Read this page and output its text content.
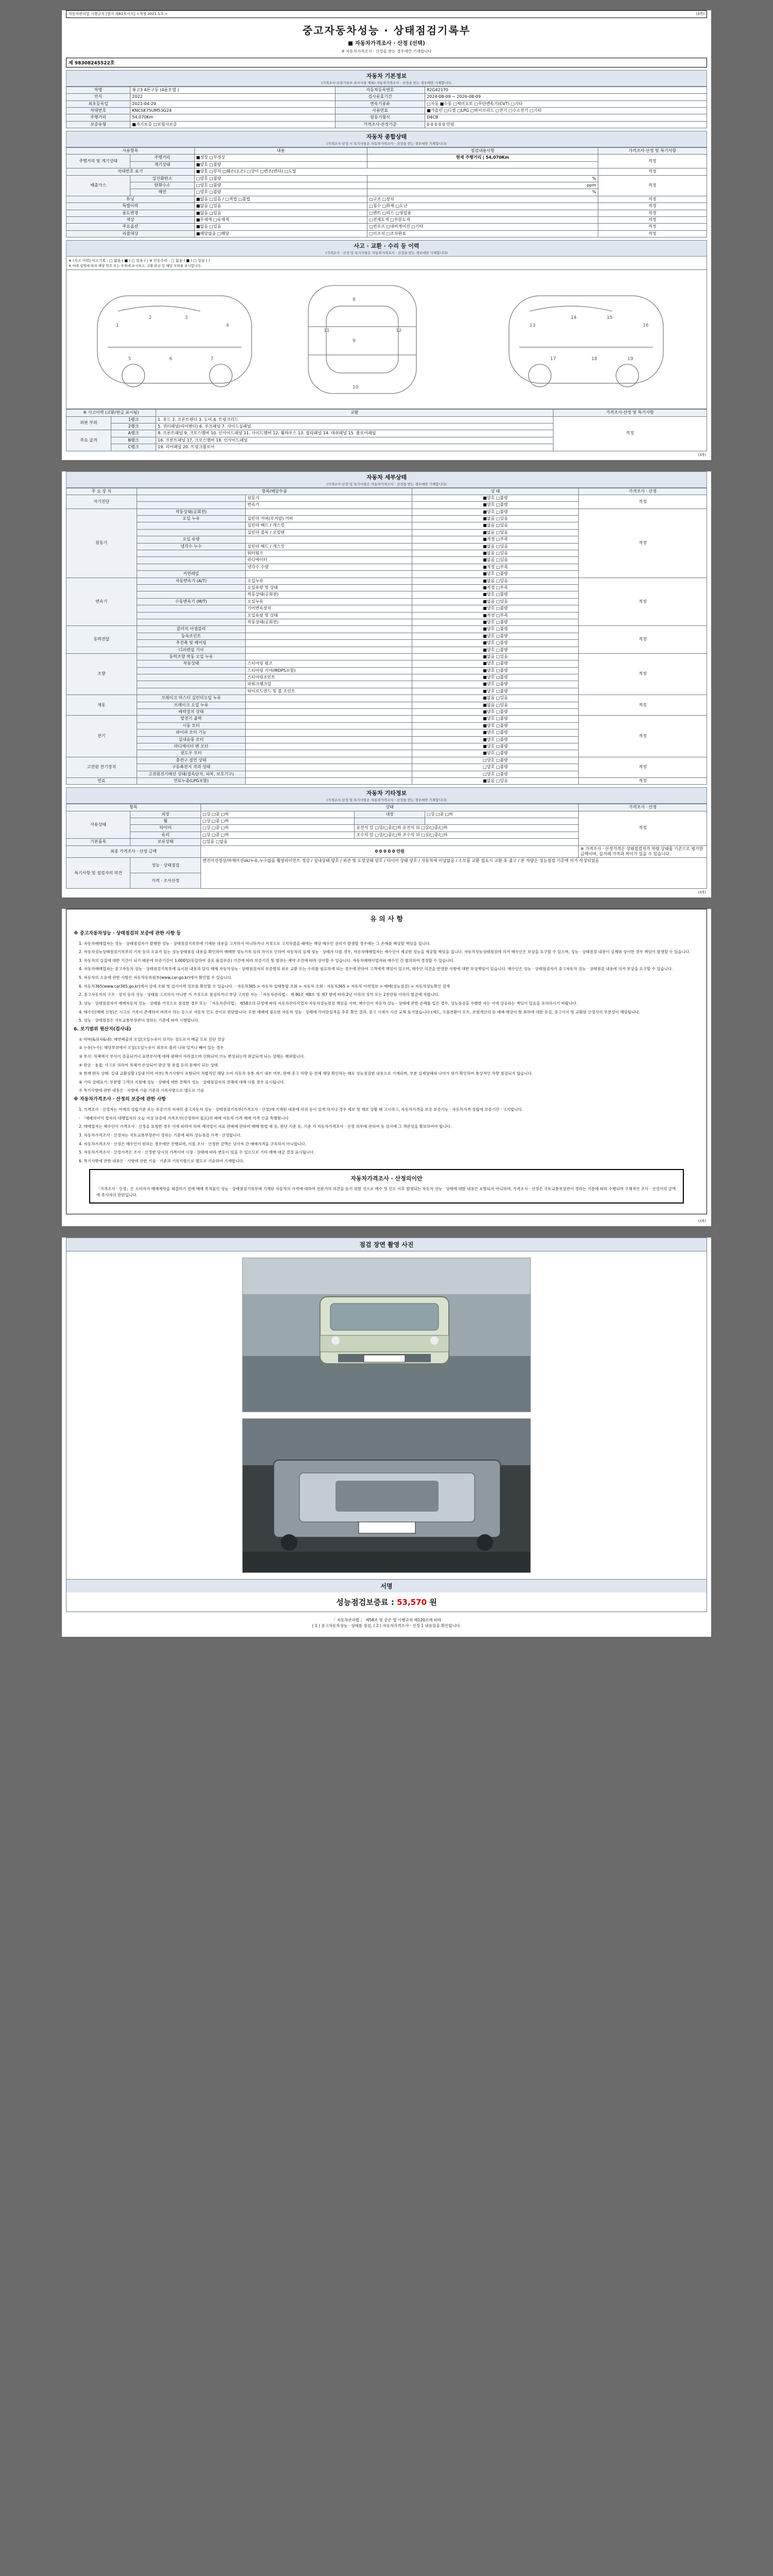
자동차관리법 시행규칙 [별지 제82호서식] <개정 2021.1.5.>	(3쪽)
중고자동차성능 · 상태점검기록부
■ 자동차가격조사 · 산정 (선택)
※ 자동차가격조사 · 산정을 받는 경우에만 기재합니다
제 98308245522호
자동차 기본정보
(가격조사·산정기록부 표시사항 제외) 자동차가격조사 · 산정을 받는 경우에만 기재합니다.
차명	봉고3 4톤구동 (4륜모델 )	자동차등록번호	82G42170
연식	2022	검사유효기간	2024-08-09 ~ 2026-08-09
최초등록일	2021-04-29	변속기종류	□자동 ■수동 □세미오토 □무단변속기(CVT) □기타
차대번호	KNCSK75UM53G24	사용연료	■가솔린 □디젤 □LPG □하이브리드 □전기 □수소전기 □기타
주행거리	54,070Km	원동기형식	D4CB
보증유형	■자기보증 □보험사보증	가격조사·산정기준	0 0 0 0 0 만원
자동차 종합상태
(가격조사·산정 시 특기사항은 자동차가격조사 · 산정을 받는 경우에만 기재합니다)
사용항목		내용	점검내용사항	가격조사·산정 및 특기사항
주행거리 및 계기상태	주행거리	■정상 □부정상	현재 주행거리 | 54,070Km	적정
	계기상태	■양호 □불량		
차대번호 표기		■양호 □부식 □훼손(오손) □상이 □변조(변타) □도말		적정
배출가스	일산화탄소	□양호 □불량	%	적정
	탄화수소	□양호 □불량	ppm	
	매연	□양호 □불량	%	
튜닝		■없음 □있음 / □적법 □불법	□구조 □장치	적정
특별이력		■없음 □있음	□침수 □화재 □도난	적정
용도변경		■없음 □있음	□렌트 □리스 □영업용	적정
색상		■무채색 □유채색	□전체도색 □부분도색	적정
주요옵션		■없음 □있음	□썬루프 □내비게이션 □기타	적정
리콜대상		■해당없음 □해당	□미조치 □조치완료	적정
사고 · 교환 · 수리 등 이력
(가격조사 · 산정 및 특기사항은 자동차가격조사 · 산정을 받는 경우에만 기재합니다)
※ (사고 이력) 사고기록 : □ 없음 ( ■ ) □ 있음 ( ) ※ 단순수리 : □ 없음 ( ■ ) □ 있음 ( )
※ 아래 설명에 따라 해당 번호 또는 부위에 표시하고, 교환·판금 등 해당 부위를 표시합니다.
1
2	3
4
5	6	7
8
9
10
11	12
13
14	15
16
17	18	19
※ 사고이력 (교환/판금 표시됨)		교환	가격조사·산정 및 특기사항
외판 부위	1랭크	1. 후드 2. 프론트팬더 3. 도어 4. 트렁크리드	적정
	2랭크	5. 쿼터패널(리어팬더) 6. 루프패널 7. 사이드실패널	
주요 골격	A랭크	8. 프론트패널 9. 크로스맴버 10. 인사이드패널 11. 사이드맴버 12. 휠하우스 13. 필라패널 14. 대쉬패널 15. 플로어패널	
	B랭크	16. 프론트패널 17. 크로스맴버 18. 인사이드패널	
	C랭크	19. 리어패널 20. 트렁크플로어	
(3쪽)
자동차 세부상태
(가격조사·산정 및 특기사항은 자동차가격조사 · 산정을 받는 경우에만 기재합니다)
주 요 장 치	항목/해당부품		상 태	가격조사 · 산정
자기진단		원동기	■양호 □불량	적정
		변속기	■양호 □불량	
원동기	작동상태(공회전)		■양호 □불량	적정
	오일 누유	실린더 커버(로커암) 커버	■없음 □있음	
		실린더 헤드 / 개스킷	■없음 □있음	
		실린더 블록 / 오일팬	■없음 □있음	
	오일 유량		■적정 □부족	
	냉각수 누수	실린더 헤드 / 개스킷	■없음 □있음	
		워터펌프	■없음 □있음	
		라디에이터	■없음 □있음	
		냉각수 수량	■적정 □부족	
	커먼레일		■양호 □불량	
변속기	자동변속기 (A/T)	오일누유	■없음 □있음	적정
		오일유량 및 상태	■적정 □부족	
		작동상태(공회전)	■양호 □불량	
	수동변속기 (M/T)	오일누유	■없음 □있음	
		기어변속장치	■양호 □불량	
		오일유량 및 상태	■적정 □부족	
		작동상태(공회전)	■양호 □불량	
동력전달	클러치 어셈블리		■양호 □불량	적정
	등속조인트		■양호 □불량	
	추진축 및 베어링		■양호 □불량	
	디퍼렌셜 기어		■양호 □불량	
조향	동력조향 작동 오일 누유		■없음 □있음	적정
	작동상태	스티어링 펌프	■양호 □불량	
		스티어링 기어(MDPS포함)	■양호 □불량	
		스티어링조인트	■양호 □불량	
		파워크랭크압	■양호 □불량	
		타이로드엔드 및 볼 조인트	■양호 □불량	
제동	브레이크 마스터 실린더오일 누유		■없음 □있음	적정
	브레이크 오일 누유		■없음 □있음	
	배력장치 상태		■양호 □불량	
전기	발전기 출력		■양호 □불량	적정
	시동 모터		■양호 □불량	
	와이퍼 모터 기능		■양호 □불량	
	실내송풍 모터		■양호 □불량	
	라디에이터 팬 모터		■양호 □불량	
	윈도우 모터		■양호 □불량	
고전원 전기장치	충전구 절연 상태		□양호 □불량	적정
	구동축전지 격리 상태		□양호 □불량	
	고전원전기배선 상태(접속단자, 피복, 보호기구)		□양호 □불량	
연료	연료누출(LPG포함)		■없음 □있음	적정
자동차 기타정보
(가격조사·산정 및 특기사항은 자동차가격조사 · 산정을 받는 경우에만 기재합니다)
항목		상태			가격조사 · 산정
사용상태	외장	□상 □중 □하	내장	□상 □중 □하	적정
	휠	□상 □중 □하			
	타이어	□상 □중 □하	운전석 앞 □상/□중/□하 운전석 뒤 □상/□중/□하		
	유리	□상 □중 □하	조수석 앞 □상/□중/□하 조수석 뒤 □상/□중/□하		
기본품목	보유상태	□있음 □없음			
최종 가격조사 · 산정 금액		0 0 0 0 0 만원			※ 가격조사 · 산정가격은 상태점검자가 차량 상태를 기준으로 평가한 금액이며, 실거래 가격과 차이가 있을 수 있습니다.
특기사항 및 점검자의 의견	성능 · 상태점검	엔진미션정상/하체미션ok/누유,누수없음 휠얼라이언트 정상 / 실내상태 양호 / 외관 및 도장상태 양호 / 타이어 상태 양호 / 자동차세 미납없음 / 소모품 교환 필요시 교환 후 출고 / 본 차량은 성능점검 기준에 의거 작성되었음			
	가격 · 조사산정				
(3쪽)
유 의 사 항
※ 중고자동차성능 · 상태점검의 보증에 관한 사항 등

1. 자동차매매업자는 성능 · 상태점검자가 발행한 성능 · 상태점검기록부에 기재된 내용을 고지하지 아니하거나 거짓으로 고지하였을 때에는 해당 매수인 권리가 발생할 경우에는 그 손해를 배상할 책임을 집니다.

2. 자동차성능상태점검기록부의 기록 등의 오류가 있는 성능상태점검 내용을 확인하여 매매한 성능기록 등의 차이로 인하여 자동차의 실제 성능 · 상태가 다를 경우, 자동차매매업자는 매수인이 제공한 성능을 제공할 책임을 집니다. 자동차성능상태점검에 의거 매수인은 보상을 요구할 수 있으며, 성능 · 상태점검 내용이 실제와 상이한 경우 책임이 발생할 수 있습니다.

3. 자동차의 실질에 대한 기간이 되기 때문에 보증기간이 1,000일(동일하여 중요 품질보증) 기간에 따라 보증기간 및 범위는 계약 조건에 따라 상이할 수 있습니다. 자동차매매사업자와 매수인 간 협의하여 결정할 수 있습니다.

4. 자동차매매업자는 중고자동차 성능 · 상태점검기록부에 표시된 내용과 달리 매매 자동차성능 · 상태점검자의 보증범위 외로 교환 또는 수리를 필요하게 되는 경우에 관하여 고객에게 책임이 있으며, 매수인 의견을 반영한 사항에 대한 보상책임이 있습니다. 매수인은 성능 · 상태점검자가 중고자동차 성능 · 상태점검 내용에 의거 보상을 요구할 수 있습니다.

5. 자동차의 소유에 관한 사항은 자동차등록원부(www.car-go.kr)에서 확인할 수 있습니다.

6. 자동차365(www.car365.go.kr)에서 상세 조회 및 검사이력 정보를 확인할 수 있습니다. · 자동차365 > 자동차 실태통합 조회 > 자동차 조회 · 자동차365 > 자동차 이력정보 > 매매(성능점검) > 자동차성능확인 검색

2. 중고자동차의 구조 · 장치 등의 성능 · 상태를 고지하지 아니한 가 거짓으로 점검하거나 부당 고지한 자는 「자동차관리법」 제 80조 제8호 및 제7 항에 따라 2년 이하의 징역 또는 2천만원 이하의 벌금에 처합니다.

3. 성능 · 상태점검자가 매매자동차 성능 · 상태를 거짓으로 점검한 경우 또는 「자동차관리법」 제58조의 규정에 따라 자동차관리사업자 자동차성능점검 책임을 지며, 매수인이 자동차 성능 · 상태에 관한 손해를 입은 경우, 성능점검을 수행한 자는 이에 상응하는 책임이 있음을 유의하시기 바랍니다.

4. 매수인(매매 신청)은 시고로 기록이 존재하여 버려지 하는 등으로 자동차 인도 전이로 판단합니다. 또한 매매에 필요한 자동차 성능 · 상태에 사이단실적을 추후 확인 결과, 중고 시세가 시간 교체 효기였습니다 (제도, 프롬전환이 모두, 보험개산의 등 매매 배상이 함 회하에 대한 유실, 중고사서 및 교환된 산정사의 부분성이 해당됩니다.

5. 성능 · 상태점검은 국토교통부장관이 정하는 기준에 따라 시행합니다.

6. 보기범위 원산지(검사내)

① 마바(&과자&내): 매연배출의 오일(오일누유이 뒤치는 정도로서 배출 도로 진단 정상

② 누유(누수): 해당부위에서 오일(오일누유이 외부로 흘러 나와 있거나 빼어 있는 경우

③ 부식: 차체에서 부식이 검출되거나 표면부식에 대해 광택이 사라졌으며 산화되어 기능 변상되는데 취급되게 되는 상태는 제외합니다.

④ 판금 · 용접: 사고로 의하여 차체가 손상되어 판금 및 용접 등의 문제이 되는 상태

⑤ 현재 판독 상태: 실내 교환상황 (실내 이력 여부) 특기사항이 포함되어 차별적인 해당 소비 자동차 유통 계기 내부 여부, 판매 중고 차량 등 전체 해당 확인하는 때로 성능점검한 내용으로 기재되며, 부분 실제상태와 나아가 평가 확인하여 통상적인 차량 점검되지 않습니다.

⑥ 기타 상태표기: 부분별 고객의 지침에 성능 · 상태에 대한 견해가 성능 · 상태점검자의 견해에 대해 다를 경우 표시됩니다.

⑦ 특기사항에 관한 내용은 · 사항에 기술 기준과 기록사항으로 별도로 기술

※ 자동차가격조사 · 산정의 보증에 관한 사항

1. 가격조사 · 산정자는 이에의 성립기준 또는 보증기의 자세히 중고자동차 성능 · 상태점검기록부(가격조사 · 산정)에 기재된 내용에 허위 등이 있게 하거나 경우 제보 및 제보 상황 때 고시하고, 자동차가격을 보증 보증기능 · 자동차가격 성립에 보증기간 · 고지합니다.

- 「매매의이익 업자의 대행업자의 오늘 이상 보증에 가격조사(산정하여 필요)의 매매 자동차 가격 매매 가격 산출 특별함니다

2. 매매업자는 매수인이 가격조사 · 산정을 요청한 경우 이에 따라야 하며 계약정이 자료 판매에 관하여 매매 방법 제 등, 판단 기준 등, 기준 가 자동차가격조사 · 산정 의무에 관하여 등 검사에 그 객관성을 확보하여야 합니다.

3. 자동차가격조사 · 산정자는 국토교통부장관이 정하는 기준에 따라 성능점검 가격 · 산정합니다.

4. 자동차가격조사 · 산정은 매수인이 원하는 경우에만 진행되며, 이를 조사 · 산정한 금액은 당사자 간 매매가격을 구속하지 아니합니다.

5. 자동차가격조사 · 산정가격은 조사 · 산정한 당시의 가격이며 시장 · 상태에 따라 변동이 있을 수 있으므로 기타 매매 대금 결정 표시됩니다.

6. 특기사항에 관한 내용은 · 사항에 관한 기술 · 기준과 기록사항으로 별도로 기술하여 기재합니다.

자동차가격조사 · 산정의이안
「가격조사 · 산정」은 소비자가 매매계약을 체결하기 전에 매매 목적물인 성능 · 상태점검기록부에 기재된 자동차의 가격에 대하여 전문가의 의견을 듣기 위한 것으로 매수 및 인도 이후 발생되는 자동차 성능 · 상태에 대한 내용은 포함되지 아니하며, 가격조사 · 산정은 국토교통부장관이 정하는 기준에 따라 수행되며 구체적인 조사 · 산정사의 금액에 종사자의 판단입니다.
(3쪽)
점검 장면 촬영 사진
서명
성능점검보증료 : 53,570 원
「 자동차관리법 」 제58조 및 같은 법 시행규칙 제120조에 따라
( 1 ) 중고자동차성능 · 상태를 점검, ( 2 ) 자동차가격조사 · 산정 1 내용임을 확인합니다.
